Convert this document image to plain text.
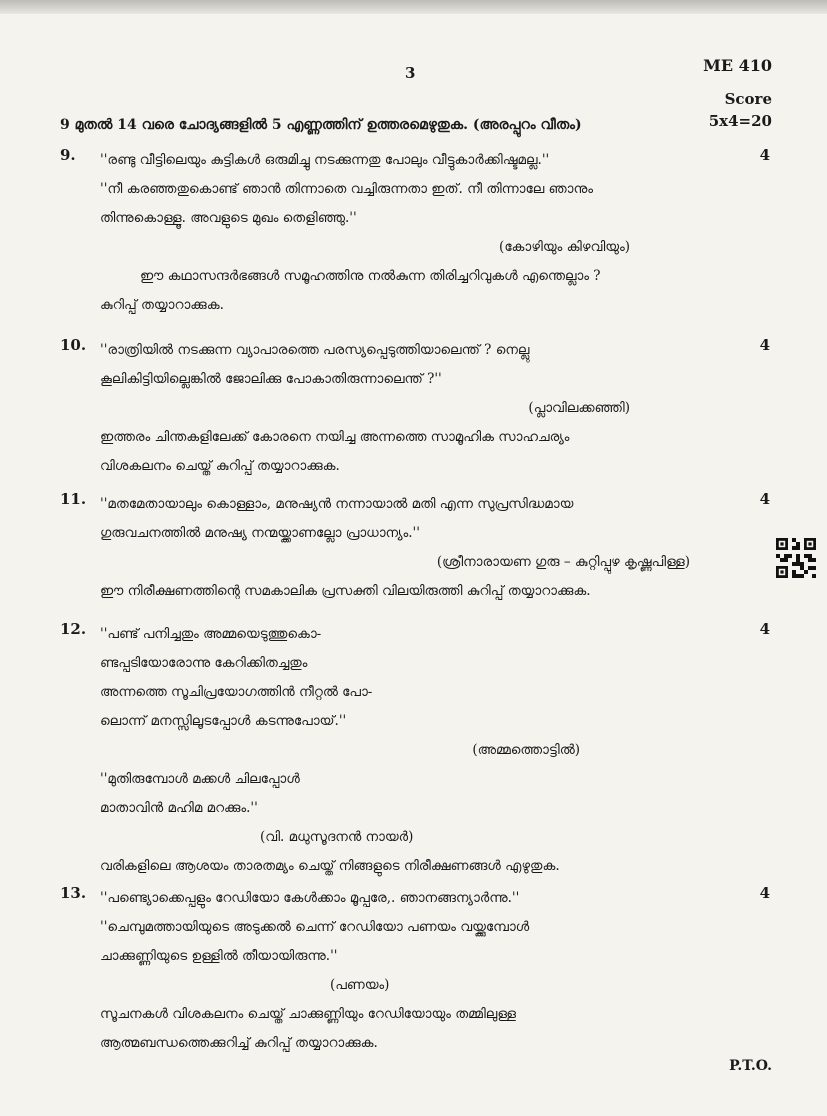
3	ME 410
Score
9 മുതൽ 14 വരെ ചോദ്യങ്ങളിൽ 5 എണ്ണത്തിന് ഉത്തരമെഴുതുക. (അരപ്പുറം വീതം)	5x4=20
9.	4

''രണ്ടു വീട്ടിലെയും കുട്ടികൾ ഒരുമിച്ചു നടക്കുന്നതു പോലും വീട്ടുകാർക്കിഷ്ടമല്ല.''

''നീ കരഞ്ഞതുകൊണ്ട് ഞാൻ തിന്നാതെ വച്ചിരുന്നതാ ഇത്. നീ തിന്നാലേ ഞാനും

തിന്നുകൊള്ളൂ. അവളുടെ മുഖം തെളിഞ്ഞു.''

(കോഴിയും കിഴവിയും)

ഈ കഥാസന്ദർഭങ്ങൾ സമൂഹത്തിനു നൽകുന്ന തിരിച്ചറിവുകൾ എന്തെല്ലാം ?

കുറിപ്പ് തയ്യാറാക്കുക.

10.	4

''രാത്രിയിൽ നടക്കുന്ന വ്യാപാരത്തെ പരസ്യപ്പെടുത്തിയാലെന്ത് ? നെല്ലു

കൂലികിട്ടിയില്ലെങ്കിൽ ജോലിക്കു പോകാതിരുന്നാലെന്ത് ?''

(പ്ലാവിലക്കഞ്ഞി)

ഇത്തരം ചിന്തകളിലേക്ക് കോരനെ നയിച്ച അന്നത്തെ സാമൂഹിക സാഹചര്യം

വിശകലനം ചെയ്ത് കുറിപ്പ് തയ്യാറാക്കുക.

11.	4

''മതമേതായാലും കൊള്ളാം, മനുഷ്യൻ നന്നായാൽ മതി എന്ന സുപ്രസിദ്ധമായ

ഗുരുവചനത്തിൽ മനുഷ്യ നന്മയ്ക്കാണല്ലോ പ്രാധാന്യം.''

(ശ്രീനാരായണ ഗുരു – കുറ്റിപ്പുഴ കൃഷ്ണപിള്ള)

ഈ നിരീക്ഷണത്തിന്റെ സമകാലിക പ്രസക്തി വിലയിരുത്തി കുറിപ്പ് തയ്യാറാക്കുക.

12.	4

''പണ്ട് പനിച്ചതും അമ്മയെടുത്തുകൊ-

ണ്ടപ്പടിയോരോന്നു കേറിക്കിതച്ചതും

അന്നത്തെ സൂചിപ്രയോഗത്തിൻ നീറ്റൽ പോ-

ലൊന്ന് മനസ്സിലൂടപ്പോൾ കടന്നുപോയ്.''

(അമ്മത്തൊട്ടിൽ)

''മുതിരുമ്പോൾ മക്കൾ ചിലപ്പോൾ

മാതാവിൻ മഹിമ മറക്കും.''

(വി. മധുസൂദനൻ നായർ)

വരികളിലെ ആശയം താരതമ്യം ചെയ്ത് നിങ്ങളുടെ നിരീക്ഷണങ്ങൾ എഴുതുക.

13.	4

''പണ്ട്യൊക്കെപ്പളും റേഡിയോ കേൾക്കാം മൂപ്പരേ,. ഞാനങ്ങന്യാർന്നു.''

''ചെമ്പുമത്തായിയുടെ അടുക്കൽ ചെന്ന് റേഡിയോ പണയം വയ്ക്കുമ്പോൾ

ചാക്കുണ്ണിയുടെ ഉള്ളിൽ തീയായിരുന്നു.''

(പണയം)

സൂചനകൾ വിശകലനം ചെയ്ത് ചാക്കുണ്ണിയും റേഡിയോയും തമ്മിലുള്ള

ആത്മബന്ധത്തെക്കുറിച്ച് കുറിപ്പ് തയ്യാറാക്കുക.

P.T.O.
